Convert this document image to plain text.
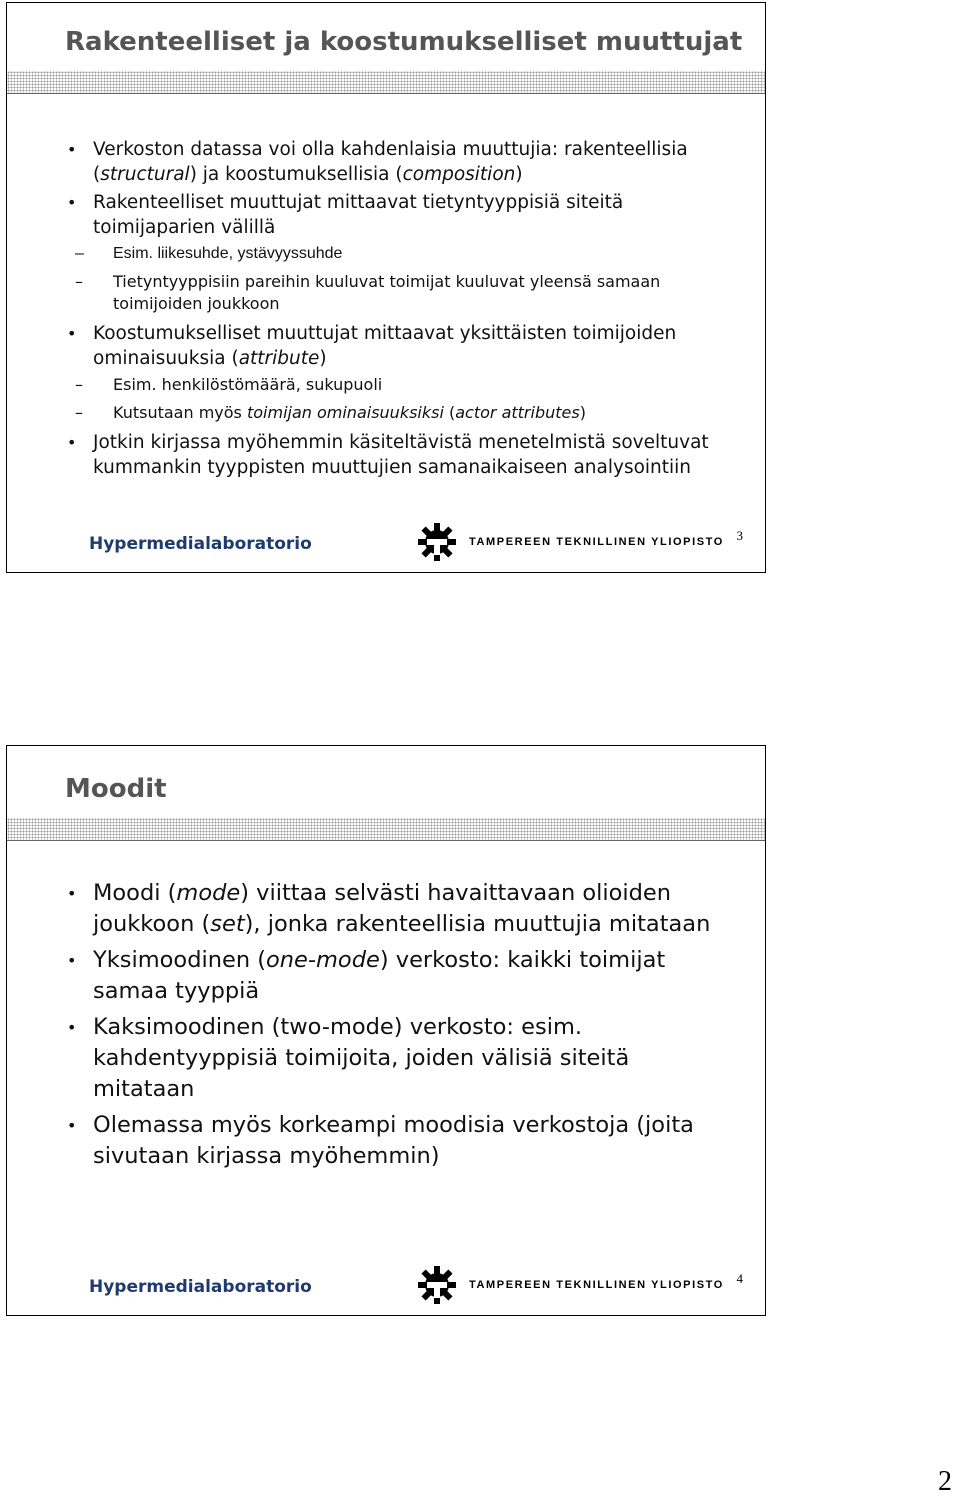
Rakenteelliset ja koostumukselliset muuttujat
• Verkoston datassa voi olla kahdenlaisia muuttujia: rakenteellisia (structural) ja koostumuksellisia (composition)
• Rakenteelliset muuttujat mittaavat tietyntyyppisiä siteitä toimijaparien välillä
– Esim. liikesuhde, ystävyyssuhde
– Tietyntyyppisiin pareihin kuuluvat toimijat kuuluvat yleensä samaan toimijoiden joukkoon
• Koostumukselliset muuttujat mittaavat yksittäisten toimijoiden ominaisuuksia (attribute)
– Esim. henkilöstömäärä, sukupuoli
– Kutsutaan myös toimijan ominaisuuksiksi (actor attributes)
• Jotkin kirjassa myöhemmin käsiteltävistä menetelmistä soveltuvat kummankin tyyppisten muuttujien samanaikaiseen analysointiin
Hypermedialaboratorio	TAMPEREEN TEKNILLINEN YLIOPISTO 3
Moodit
• Moodi (mode) viittaa selvästi havaittavaan olioiden joukkoon (set), jonka rakenteellisia muuttujia mitataan
• Yksimoodinen (one-mode) verkosto: kaikki toimijat samaa tyyppiä
• Kaksimoodinen (two-mode) verkosto: esim. kahdentyyppisiä toimijoita, joiden välisiä siteitä mitataan
• Olemassa myös korkeampi moodisia verkostoja (joita sivutaan kirjassa myöhemmin)
Hypermedialaboratorio	TAMPEREEN TEKNILLINEN YLIOPISTO 4
2
